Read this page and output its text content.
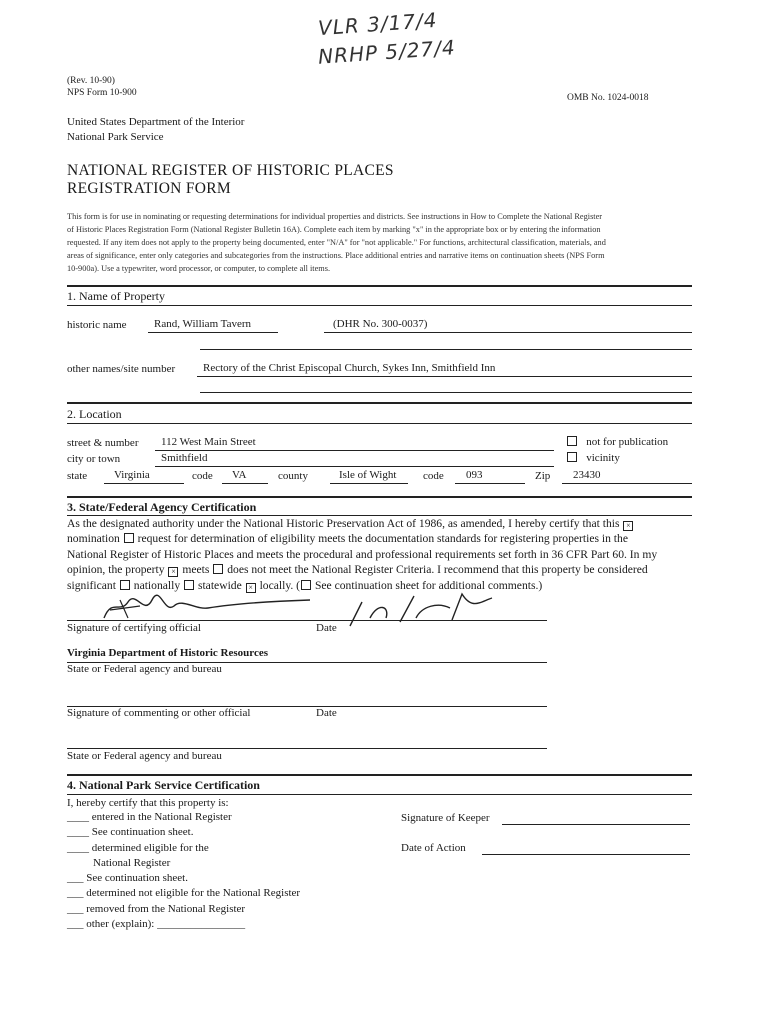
VLR 3/17/4
NRHP 5/27/4
(Rev. 10-90)
NPS Form 10-900	OMB No. 1024-0018
United States Department of the Interior
National Park Service
NATIONAL REGISTER OF HISTORIC PLACES
REGISTRATION FORM
This form is for use in nominating or requesting determinations for individual properties and districts. See instructions in How to Complete the National Register
of Historic Places Registration Form (National Register Bulletin 16A). Complete each item by marking "x" in the appropriate box or by entering the information
requested. If any item does not apply to the property being documented, enter "N/A" for "not applicable." For functions, architectural classification, materials, and
areas of significance, enter only categories and subcategories from the instructions. Place additional entries and narrative items on continuation sheets (NPS Form
10-900a). Use a typewriter, word processor, or computer, to complete all items.
1. Name of Property
historic name Rand, William Tavern	(DHR No. 300-0037)
other names/site number	Rectory of the Christ Episcopal Church, Sykes Inn, Smithfield Inn
2. Location
street & number 112 West Main Street	not for publication
city or town	Smithfield	vicinity
state Virginia	code VA	county	Isle of Wight code 093	Zip 23430
3. State/Federal Agency Certification
As the designated authority under the National Historic Preservation Act of 1986, as amended, I hereby certify that this ×
nomination request for determination of eligibility meets the documentation standards for registering properties in the
National Register of Historic Places and meets the procedural and professional requirements set forth in 36 CFR Part 60. In my
opinion, the property × meets does not meet the National Register Criteria. I recommend that this property be considered
significant nationally statewide × locally. ( See continuation sheet for additional comments.)
Signature of certifying official	Date
Virginia Department of Historic Resources
State or Federal agency and bureau
Signature of commenting or other official	Date
State or Federal agency and bureau
4. National Park Service Certification
I, hereby certify that this property is:
____ entered in the National Register
____ See continuation sheet.
____ determined eligible for the
National Register
___ See continuation sheet.
___ determined not eligible for the National Register
___ removed from the National Register
___ other (explain): ________________
Signature of Keeper
Date of Action
